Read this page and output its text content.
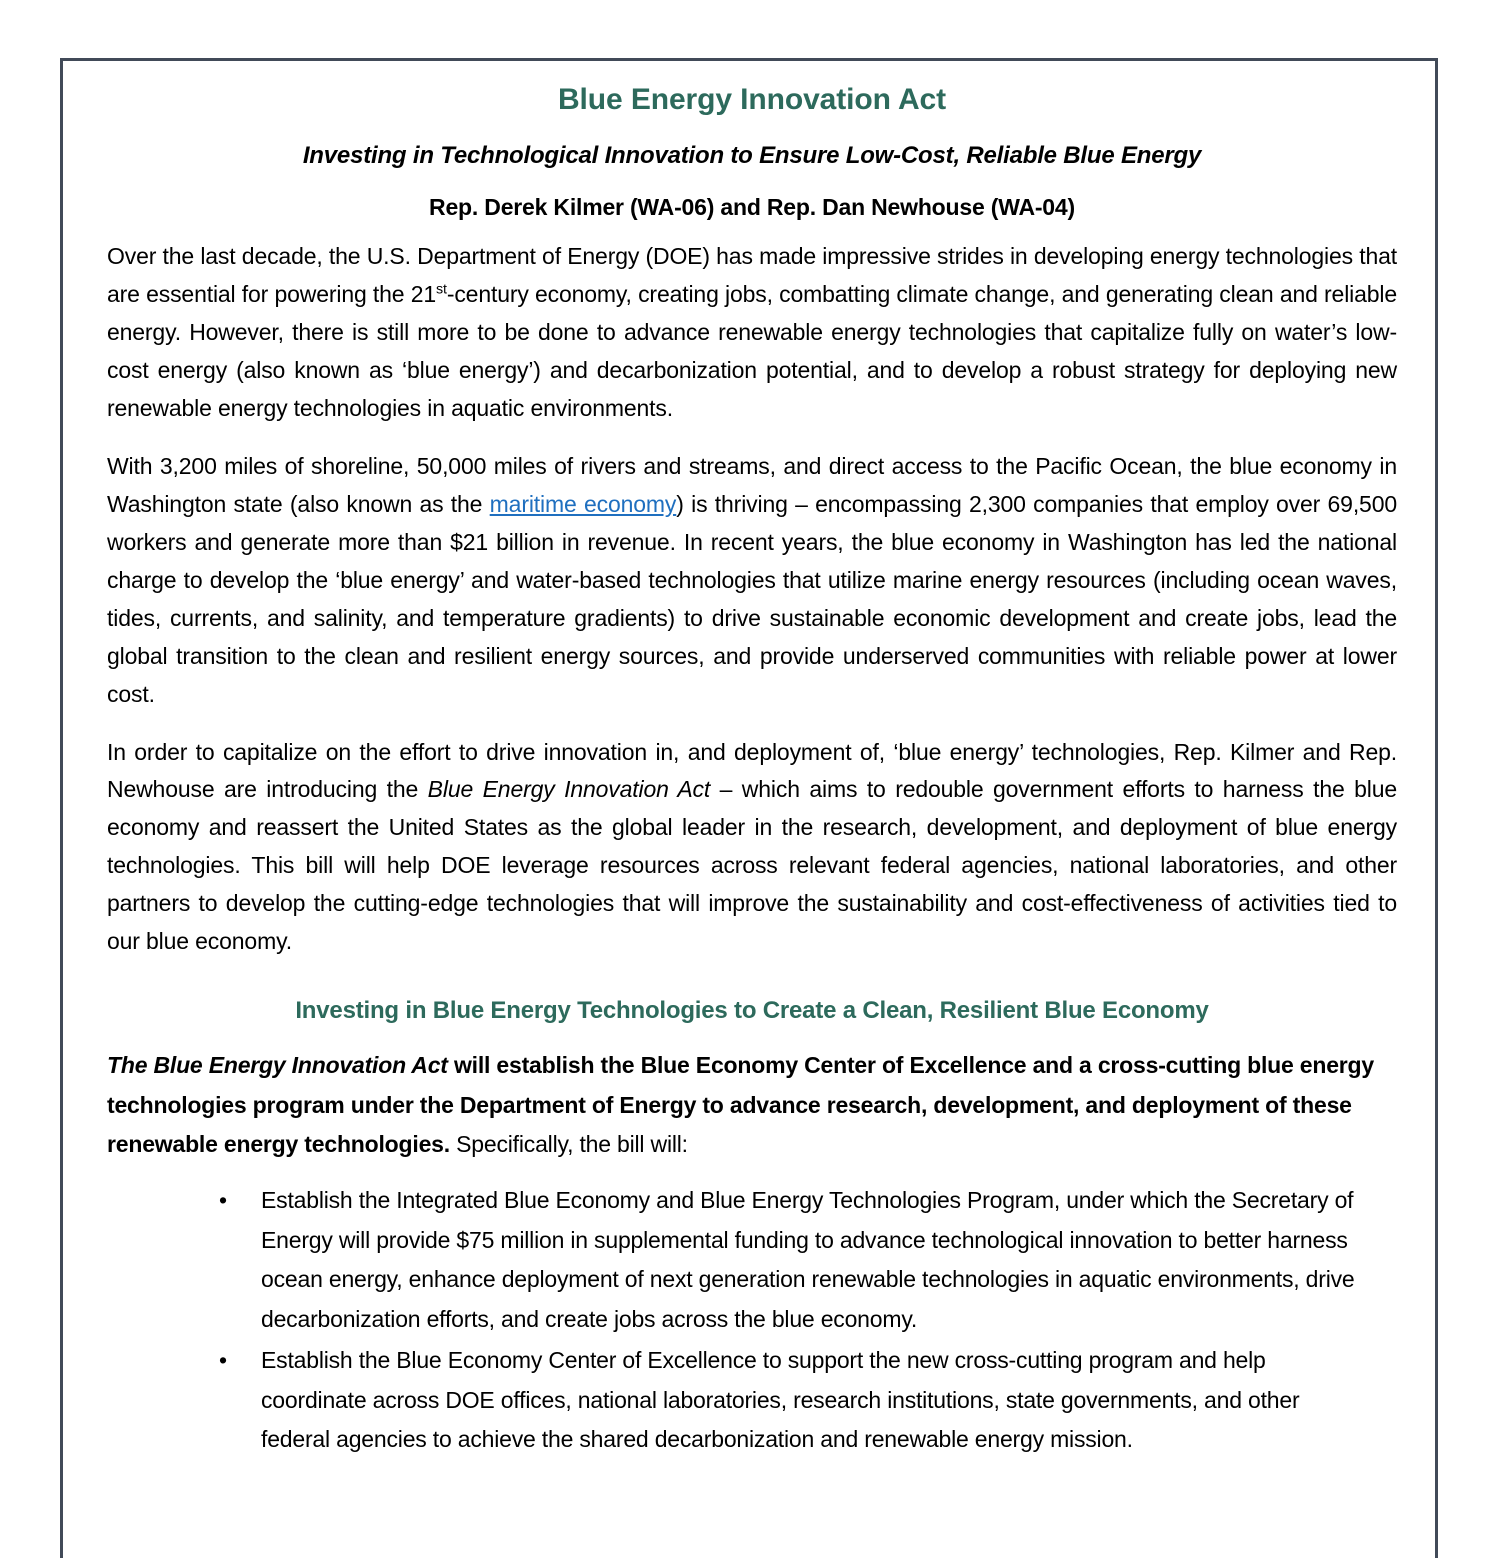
Blue Energy Innovation Act
Investing in Technological Innovation to Ensure Low-Cost, Reliable Blue Energy
Rep. Derek Kilmer (WA-06) and Rep. Dan Newhouse (WA-04)

Over the last decade, the U.S. Department of Energy (DOE) has made impressive strides in developing energy technologies that are essential for powering the 21st-century economy, creating jobs, combatting climate change, and generating clean and reliable energy. However, there is still more to be done to advance renewable energy technologies that capitalize fully on water’s low-cost energy (also known as ‘blue energy’) and decarbonization potential, and to develop a robust strategy for deploying new renewable energy technologies in aquatic environments.

With 3,200 miles of shoreline, 50,000 miles of rivers and streams, and direct access to the Pacific Ocean, the blue economy in Washington state (also known as the maritime economy) is thriving – encompassing 2,300 companies that employ over 69,500 workers and generate more than $21 billion in revenue. In recent years, the blue economy in Washington has led the national charge to develop the ‘blue energy’ and water-based technologies that utilize marine energy resources (including ocean waves, tides, currents, and salinity, and temperature gradients) to drive sustainable economic development and create jobs, lead the global transition to the clean and resilient energy sources, and provide underserved communities with reliable power at lower cost.

In order to capitalize on the effort to drive innovation in, and deployment of, ‘blue energy’ technologies, Rep. Kilmer and Rep. Newhouse are introducing the Blue Energy Innovation Act – which aims to redouble government efforts to harness the blue economy and reassert the United States as the global leader in the research, development, and deployment of blue energy technologies. This bill will help DOE leverage resources across relevant federal agencies, national laboratories, and other partners to develop the cutting-edge technologies that will improve the sustainability and cost-effectiveness of activities tied to our blue economy.

Investing in Blue Energy Technologies to Create a Clean, Resilient Blue Economy

The Blue Energy Innovation Act will establish the Blue Economy Center of Excellence and a cross-cutting blue energy technologies program under the Department of Energy to advance research, development, and deployment of these renewable energy technologies. Specifically, the bill will:

• Establish the Integrated Blue Economy and Blue Energy Technologies Program, under which the Secretary of Energy will provide $75 million in supplemental funding to advance technological innovation to better harness ocean energy, enhance deployment of next generation renewable technologies in aquatic environments, drive decarbonization efforts, and create jobs across the blue economy.
• Establish the Blue Economy Center of Excellence to support the new cross-cutting program and help coordinate across DOE offices, national laboratories, research institutions, state governments, and other federal agencies to achieve the shared decarbonization and renewable energy mission.
